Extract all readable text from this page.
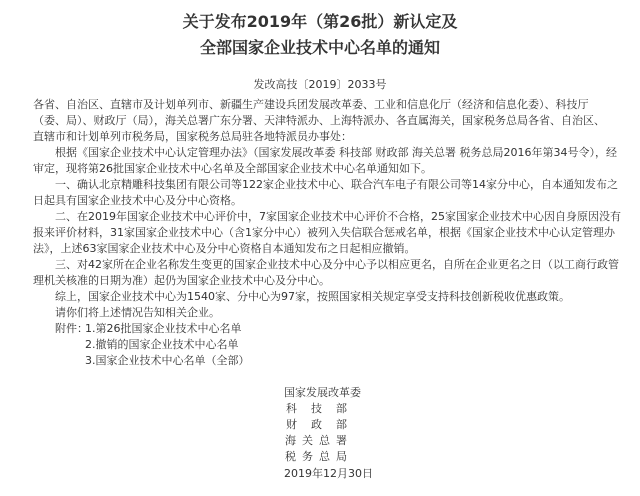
关于发布2019年（第26批）新认定及
全部国家企业技术中心名单的通知
发改高技〔2019〕2033号
各省、自治区、直辖市及计划单列市、新疆生产建设兵团发展改革委、工业和信息化厅（经济和信息化委）、科技厅
（委、局）、财政厅（局），海关总署广东分署、天津特派办、上海特派办、各直属海关，国家税务总局各省、自治区、
直辖市和计划单列市税务局，国家税务总局驻各地特派员办事处：
根据《国家企业技术中心认定管理办法》（国家发展改革委 科技部 财政部 海关总署 税务总局2016年第34号令），经
审定，现将第26批国家企业技术中心名单及全部国家企业技术中心名单通知如下。
一、确认北京精雕科技集团有限公司等122家企业技术中心、联合汽车电子有限公司等14家分中心，自本通知发布之
日起具有国家企业技术中心及分中心资格。
二、在2019年国家企业技术中心评价中，7家国家企业技术中心评价不合格，25家国家企业技术中心因自身原因没有
报来评价材料，31家国家企业技术中心（含1家分中心）被列入失信联合惩戒名单，根据《国家企业技术中心认定管理办
法》，上述63家国家企业技术中心及分中心资格自本通知发布之日起相应撤销。
三、对42家所在企业名称发生变更的国家企业技术中心及分中心予以相应更名，自所在企业更名之日（以工商行政管
理机关核准的日期为准）起仍为国家企业技术中心及分中心。
综上，国家企业技术中心为1540家、分中心为97家，按照国家相关规定享受支持科技创新税收优惠政策。
请你们将上述情况告知相关企业。
附件：
1.第26批国家企业技术中心名单
2.撤销的国家企业技术中心名单
3.国家企业技术中心名单（全部）
国家发展改革委
科技部
财政部
海关总署
税务总局
2019年12月30日
